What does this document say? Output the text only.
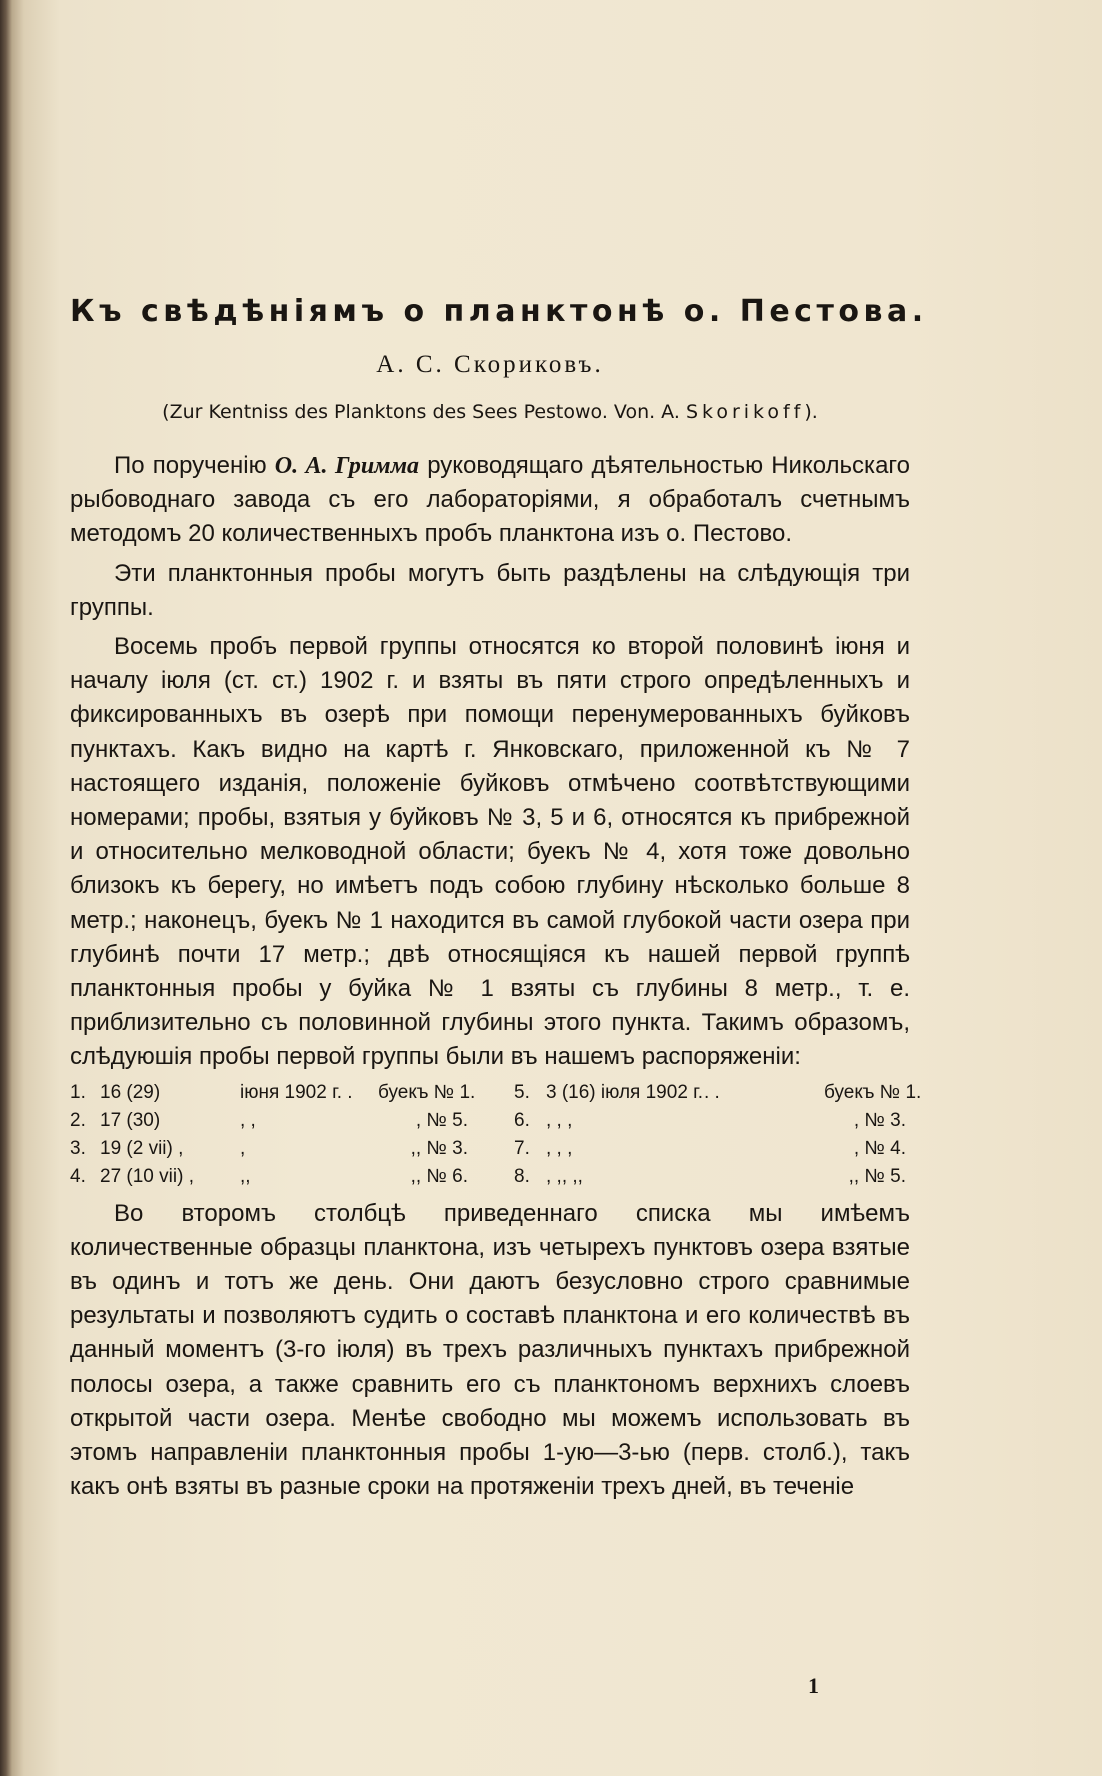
Къ свѣдѣніямъ о планктонѣ о. Пестова.
А. С. Скориковъ.
(Zur Kentniss des Planktons des Sees Pestowo. Von. A. Skorikoff).

По порученію О. А. Гримма руководящаго дѣятельностью Никольскаго рыбоводнаго завода съ его лабораторіями, я обработалъ счетнымъ методомъ 20 количественныхъ пробъ планктона изъ о. Пестово.

Эти планктонныя пробы могутъ быть раздѣлены на слѣдующія три группы.

Восемь пробъ первой группы относятся ко второй половинѣ іюня и началу іюля (ст. ст.) 1902 г. и взяты въ пяти строго опредѣленныхъ и фиксированныхъ въ озерѣ при помощи перенумерованныхъ буйковъ пунктахъ. Какъ видно на картѣ г. Янковскаго, приложенной къ № 7 настоящего изданія, положеніе буйковъ отмѣчено соотвѣтствующими номерами; пробы, взятыя у буйковъ № 3, 5 и 6, относятся къ прибрежной и относительно мелководной области; буекъ № 4, хотя тоже довольно близокъ къ берегу, но имѣетъ подъ собою глубину нѣсколько больше 8 метр.; наконецъ, буекъ № 1 находится въ самой глубокой части озера при глубинѣ почти 17 метр.; двѣ относящіяся къ нашей первой группѣ планктонныя пробы у буйка № 1 взяты съ глубины 8 метр., т. е. приблизительно съ половинной глубины этого пункта. Такимъ образомъ, слѣдуюшія пробы первой группы были въ нашемъ распоряженіи:

1. 16 (29)	іюня 1902 г. .	буекъ № 1.
2. 17 (30)	, ,	, № 5.
3. 19 (2 vii) ,	,	,, № 3.
4. 27 (10 vii) ,	,,	,, № 6.
5. 3 (16) іюля 1902 г. . .	буекъ № 1.
6. , , ,	, № 3.
7. , , ,	, № 4.
8. , ,, ,,	,, № 5.

Во второмъ столбцѣ приведеннаго списка мы имѣемъ количественные образцы планктона, изъ четырехъ пунктовъ озера взятые въ одинъ и тотъ же день. Они даютъ безусловно строго сравнимые результаты и позволяютъ судить о составѣ планктона и его количествѣ въ данный моментъ (3-го іюля) въ трехъ различныхъ пунктахъ прибрежной полосы озера, а также сравнить его съ планктономъ верхнихъ слоевъ открытой части озера. Менѣе свободно мы можемъ использовать въ этомъ направленіи планктонныя пробы 1-ую—3-ью (перв. столб.), такъ какъ онѣ взяты въ разные сроки на протяженіи трехъ дней, въ теченіе

1
